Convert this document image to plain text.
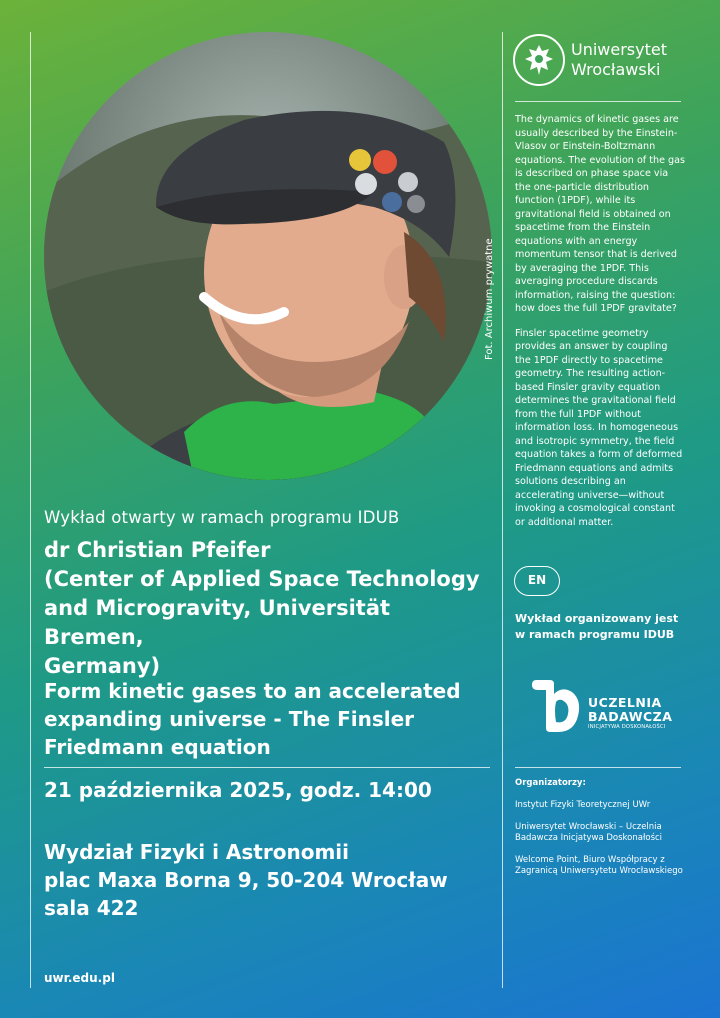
Fot. Archiwum prywatne
Uniwersytet
Wrocławski

The dynamics of kinetic gases are usually described by the Einstein-Vlasov or Einstein-Boltzmann equations. The evolution of the gas is described on phase space via the one-particle distribution function (1PDF), while its gravitational field is obtained on spacetime from the Einstein equations with an energy momentum tensor that is derived by averaging the 1PDF. This averaging procedure discards information, raising the question: how does the full 1PDF gravitate?

Finsler spacetime geometry provides an answer by coupling the 1PDF directly to spacetime geometry. The resulting action-based Finsler gravity equation determines the gravitational field from the full 1PDF without information loss. In homogeneous and isotropic symmetry, the field equation takes a form of deformed Friedmann equations and admits solutions describing an accelerating universe—without invoking a cosmological constant or additional matter.

EN
Wykład organizowany jest
w ramach programu IDUB
UCZELNIA
BADAWCZA
INICJATYWA DOSKONAŁOŚCI
Organizatorzy:
Instytut Fizyki Teoretycznej UWr
Uniwersytet Wrocławski – Uczelnia Badawcza Inicjatywa Doskonałości
Welcome Point, Biuro Współpracy z Zagranicą Uniwersytetu Wrocławskiego
Wykład otwarty w ramach programu IDUB
dr Christian Pfeifer
(Center of Applied Space Technology
and Microgravity, Universität Bremen,
Germany)
Form kinetic gases to an accelerated
expanding universe - The Finsler
Friedmann equation
21 października 2025, godz. 14:00
Wydział Fizyki i Astronomii
plac Maxa Borna 9, 50-204 Wrocław
sala 422
uwr.edu.pl
